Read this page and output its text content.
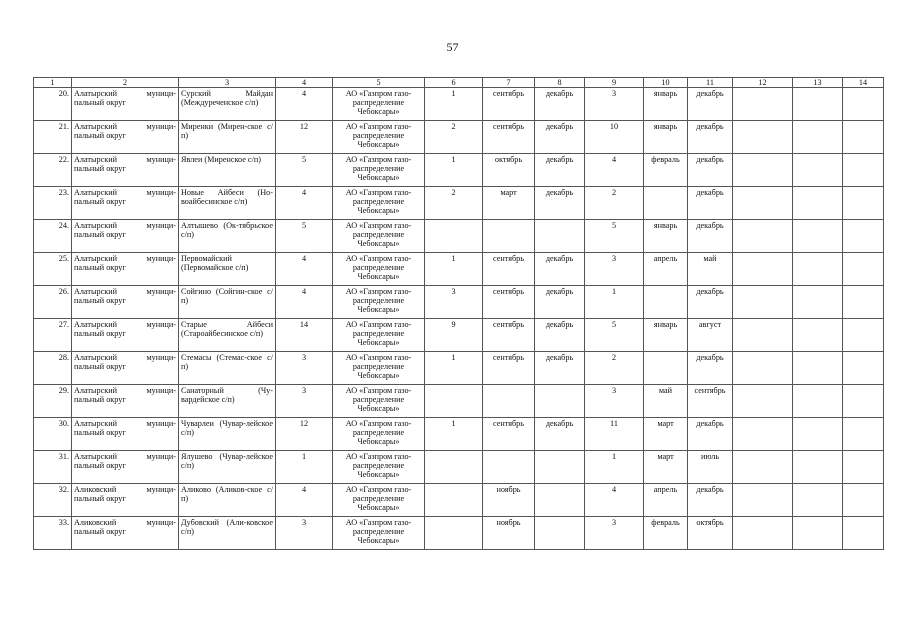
57
1	2	3	4	5	6	7	8	9	10	11	12	13	14
20.	Алатырский муници-пальный округ	Сурский Майдан (Междуреченское с/п)	4	АО «Газпром газо-распределение Чебоксары»	1	сентябрь	декабрь	3	январь	декабрь			
21.	Алатырский муници-пальный округ	Миренки (Мирен-ское с/п)	12	АО «Газпром газо-распределение Чебоксары»	2	сентябрь	декабрь	10	январь	декабрь			
22.	Алатырский муници-пальный округ	Явлеи (Миренское с/п)	5	АО «Газпром газо-распределение Чебоксары»	1	октябрь	декабрь	4	февраль	декабрь			
23.	Алатырский муници-пальный округ	Новые Айбеси (Но-воайбесинское с/п)	4	АО «Газпром газо-распределение Чебоксары»	2	март	декабрь	2		декабрь			
24.	Алатырский муници-пальный округ	Алтышево (Ок-тябрьское с/п)	5	АО «Газпром газо-распределение Чебоксары»				5	январь	декабрь			
25.	Алатырский муници-пальный округ	Первомайский (Первомайское с/п)	4	АО «Газпром газо-распределение Чебоксары»	1	сентябрь	декабрь	3	апрель	май			
26.	Алатырский муници-пальный округ	Сойгино (Сойгин-ское с/п)	4	АО «Газпром газо-распределение Чебоксары»	3	сентябрь	декабрь	1		декабрь			
27.	Алатырский муници-пальный округ	Старые Айбеси (Староайбесинское с/п)	14	АО «Газпром газо-распределение Чебоксары»	9	сентябрь	декабрь	5	январь	август			
28.	Алатырский муници-пальный округ	Стемасы (Стемас-ское с/п)	3	АО «Газпром газо-распределение Чебоксары»	1	сентябрь	декабрь	2		декабрь			
29.	Алатырский муници-пальный округ	Санаторный (Чу-вардейское с/п)	3	АО «Газпром газо-распределение Чебоксары»				3	май	сентябрь			
30.	Алатырский муници-пальный округ	Чуварлеи (Чувар-лейское с/п)	12	АО «Газпром газо-распределение Чебоксары»	1	сентябрь	декабрь	11	март	декабрь			
31.	Алатырский муници-пальный округ	Ялушево (Чувар-лейское с/п)	1	АО «Газпром газо-распределение Чебоксары»				1	март	июль			
32.	Аликовский муници-пальный округ	Аликово (Аликов-ское с/п)	4	АО «Газпром газо-распределение Чебоксары»		ноябрь		4	апрель	декабрь			
33.	Аликовский муници-пальный округ	Дубовский (Али-ковское с/п)	3	АО «Газпром газо-распределение Чебоксары»		ноябрь		3	февраль	октябрь			
